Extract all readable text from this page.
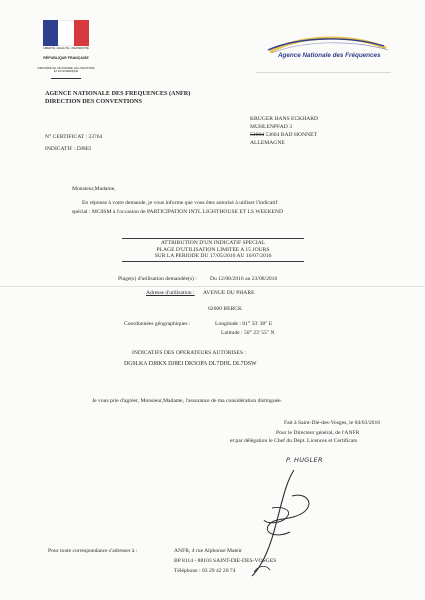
LIBERTÉ • ÉGALITÉ • FRATERNITÉ
RÉPUBLIQUE FRANÇAISE
MINISTÈRE DE L'ÉCONOMIE, DE L'INDUSTRIE ET DU NUMÉRIQUE
Agence Nationale des Fréquences
AGENCE NATIONALE DES FREQUENCES (ANFR)
DIRECTION DES CONVENTIONS
KRUGER HANS ECKHARD
MUHLENPFAD 3
53604 53604 BAD HONNET
ALLEMAGNE
N° CERTIFICAT : 33764
INDICATIF : DJ8EI
Monsieur,Madame,
En réponse à votre demande, je vous informe que vous êtes autorisé à utiliser l'indicatif
spécial : MC0SM à l'occasion de PARTICIPATION INTL LIGHTHOUSE ET LS WEEKEND
ATTRIBUTION D'UN INDICATIF SPECIAL
PLAGE D'UTILISATION LIMITEE A 15 JOURS
SUR LA PERIODE DU 17/05/2016 AU 16/07/2016
Plage(s) d'utilisation demandée(s) : Du 12/08/2016 au 23/08/2016
Adresse d'utilisation : AVENUE DU PHARE
62600 BERCK
Coordonnées géographiques :	Longitude : 01° 33' 38" E
Latitude : 50° 23' 55" N
INDICATIFS DES OPERATEURS AUTORISES :
DG9LKA DJ8KX DJ8EI DK5OPA DL7DHL DL7DSW
Je vous prie d'agréer, Monsieur,Madame, l'assurance de ma considération distinguée.
Fait à Saint-Dié-des-Vosges, le 04/03/2016
Pour le Directeur général, de l'ANFR
et par délégation le Chef du Dépt. Licences et Certificats
P. HUGLER
Pour toute correspondance s'adresser à :	ANFR, 4 rue Alphonse Mateir
BP 8114 - 88103 SAINT-DIE-DES-VOSGES
Téléphone : 03 29 42 20 74
